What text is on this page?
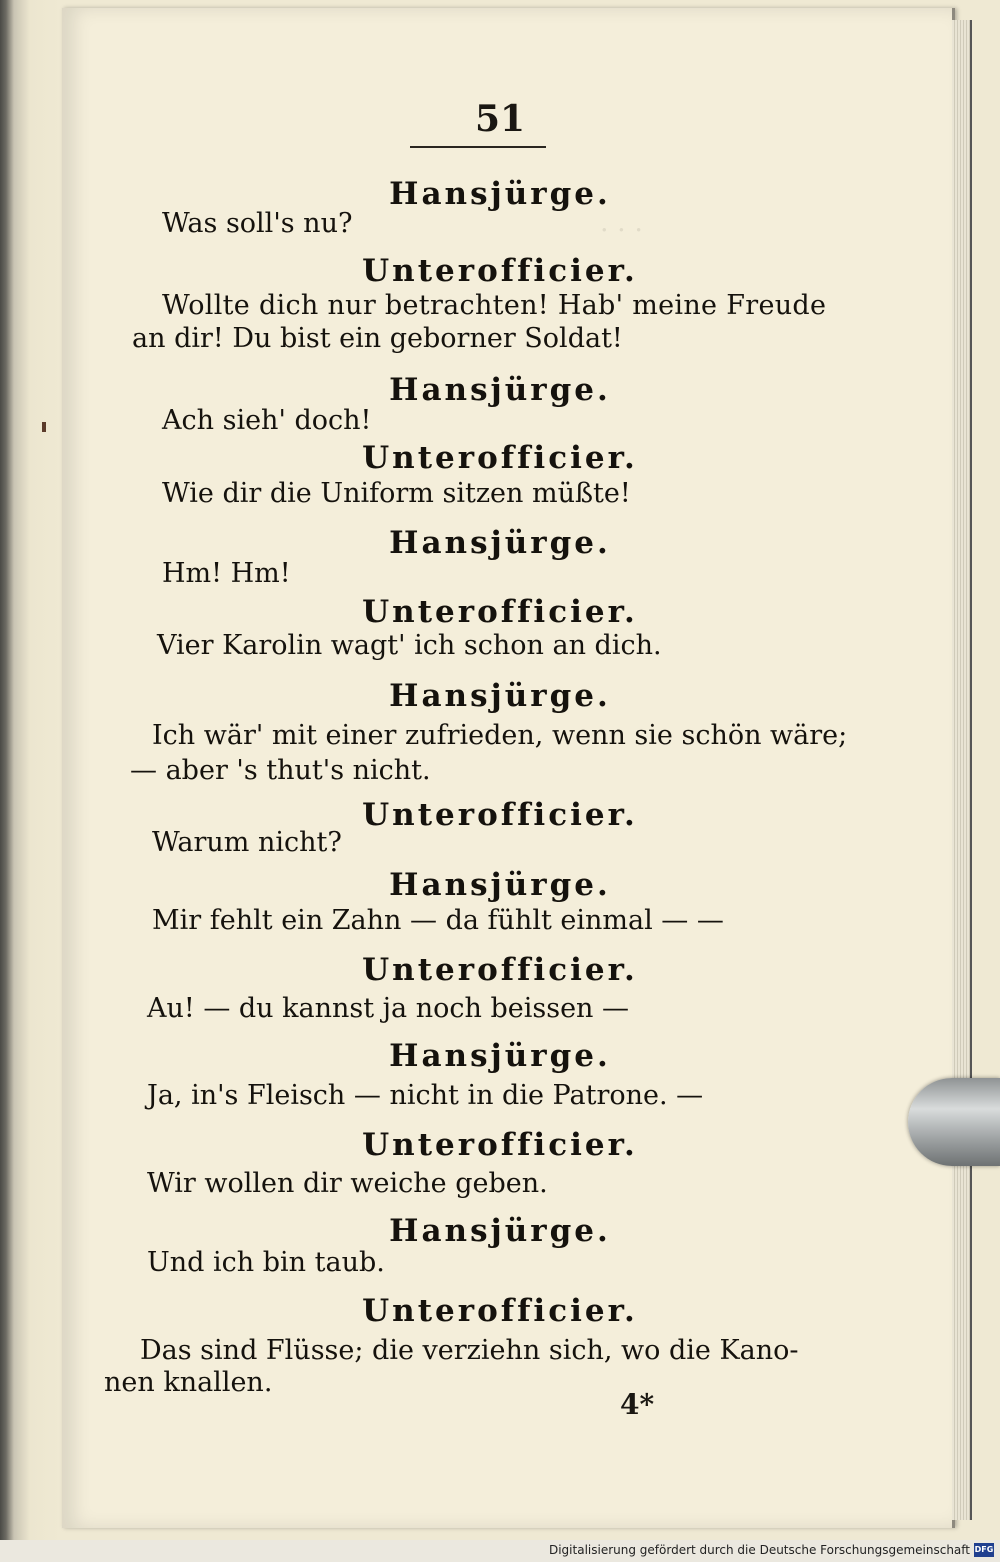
51
Hansjürge.
Was soll's nu?
Unterofficier.
Wollte dich nur betrachten! Hab' meine Freude
an dir! Du bist ein geborner Soldat!
Hansjürge.
Ach sieh' doch!
Unterofficier.
Wie dir die Uniform sitzen müßte!
Hansjürge.
Hm! Hm!
Unterofficier.
Vier Karolin wagt' ich schon an dich.
Hansjürge.
Ich wär' mit einer zufrieden, wenn sie schön wäre;
— aber 's thut's nicht.
Unterofficier.
Warum nicht?
Hansjürge.
Mir fehlt ein Zahn — da fühlt einmal — —
Unterofficier.
Au! — du kannst ja noch beissen —
Hansjürge.
Ja, in's Fleisch — nicht in die Patrone. —
Unterofficier.
Wir wollen dir weiche geben.
Hansjürge.
Und ich bin taub.
Unterofficier.
Das sind Flüsse; die verziehn sich, wo die Kano-
nen knallen.
4*
Digitalisierung gefördert durch die Deutsche Forschungsgemeinschaft DFG
